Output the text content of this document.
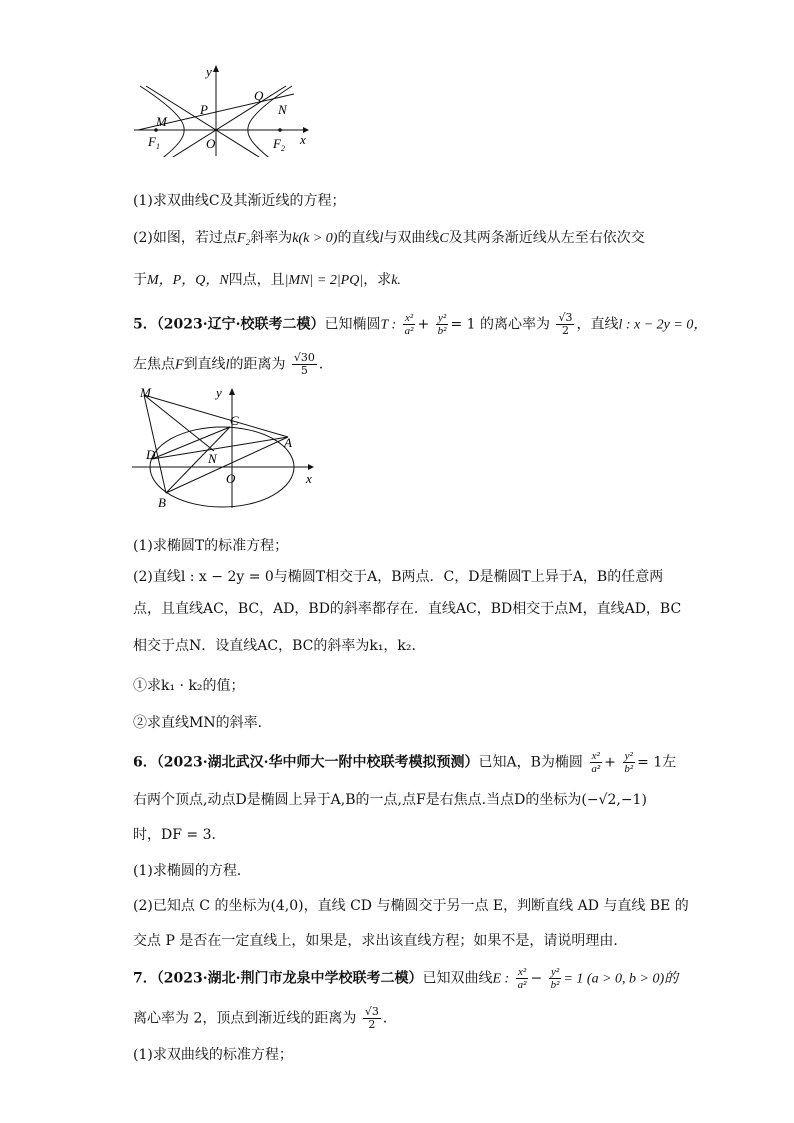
y
x
P
Q
N
M
O
$F_1$	$F_2$
(1)求双曲线C及其渐近线的方程；
(2)如图，若过点F₂斜率为k(k > 0)的直线l与双曲线C及其两条渐近线从左至右依次交
于M，P，Q，N四点，且|MN| = 2|PQ|，求k.
5．（2023·辽宁·校联考二模）已知椭圆T : $\frac{\text{x²}}{\text{a²}} + \frac{\text{y²}}{\text{b²}} = 1$ 的离心率为 $\frac{√3}{2}$ ，直线l : x − 2y = 0，
左焦点F到直线l的距离为 $\frac{√30}{5}$ ．
M	y
C
A
D	N
O	x
B
(1)求椭圆T的标准方程；
(2)直线l : x − 2y = 0与椭圆T相交于A，B两点．C，D是椭圆T上异于A，B的任意两
点，且直线AC，BC，AD，BD的斜率都存在．直线AC，BD相交于点M，直线AD，BC
相交于点N．设直线AC，BC的斜率为k₁，k₂．
①求k₁ · k₂的值；
②求直线MN的斜率．
6．（2023·湖北武汉·华中师大一附中校联考模拟预测）已知A，B为椭圆 $\frac{\text{x²}}{\text{a²}} + \frac{\text{y²}}{\text{b²}} = 1$左
右两个顶点,动点D是椭圆上异于A,B的一点,点F是右焦点.当点D的坐标为(−√2,−1)
时，DF = 3．
(1)求椭圆的方程．
(2)已知点 C 的坐标为(4,0)，直线 CD 与椭圆交于另一点 E，判断直线 AD 与直线 BE 的
交点 P 是否在一定直线上，如果是，求出该直线方程；如果不是，请说明理由．
7．（2023·湖北·荆门市龙泉中学校联考二模）已知双曲线E : $\frac{\text{x²}}{\text{a²}} - \frac{\text{y²}}{\text{b²}} = 1$ (a > 0, b > 0)的
离心率为 2，顶点到渐近线的距离为 $\frac{√3}{2}$ ．
(1)求双曲线的标准方程；
